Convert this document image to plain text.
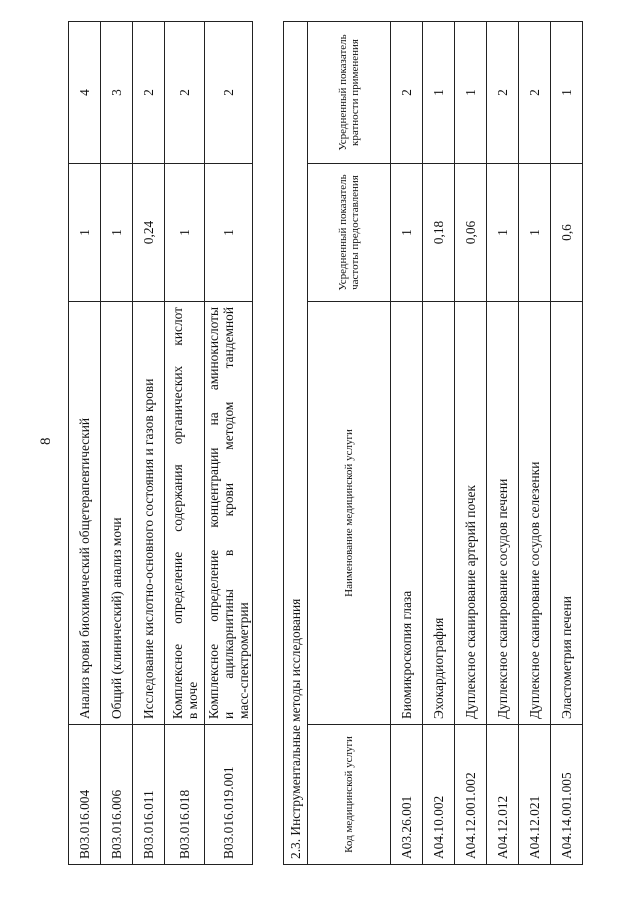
8
B03.016.004	Анализ крови биохимический общетерапевтический	1	4
B03.016.006	Общий (клинический) анализ мочи	1	3
B03.016.011	Исследование кислотно-основного состояния и газов крови	0,24	2
B03.016.018	Комплексное определение содержания органических кислот в моче	1	2
B03.016.019.001	Комплексное определение концентрации на аминокислоты и ацилкарнитины в крови методом тандемной масс-спектрометрии	1	2
2.3. Инструментальные методы исследования			
Код медицинской услуги	Наименование медицинской услуги	Усредненный показатель частоты предоставления	Усредненный показатель кратности применения
A03.26.001	Биомикроскопия глаза	1	2
A04.10.002	Эхокардиография	0,18	1
A04.12.001.002	Дуплексное сканирование артерий почек	0,06	1
A04.12.012	Дуплексное сканирование сосудов печени	1	2
A04.12.021	Дуплексное сканирование сосудов селезенки	1	2
A04.14.001.005	Эластометрия печени	0,6	1
